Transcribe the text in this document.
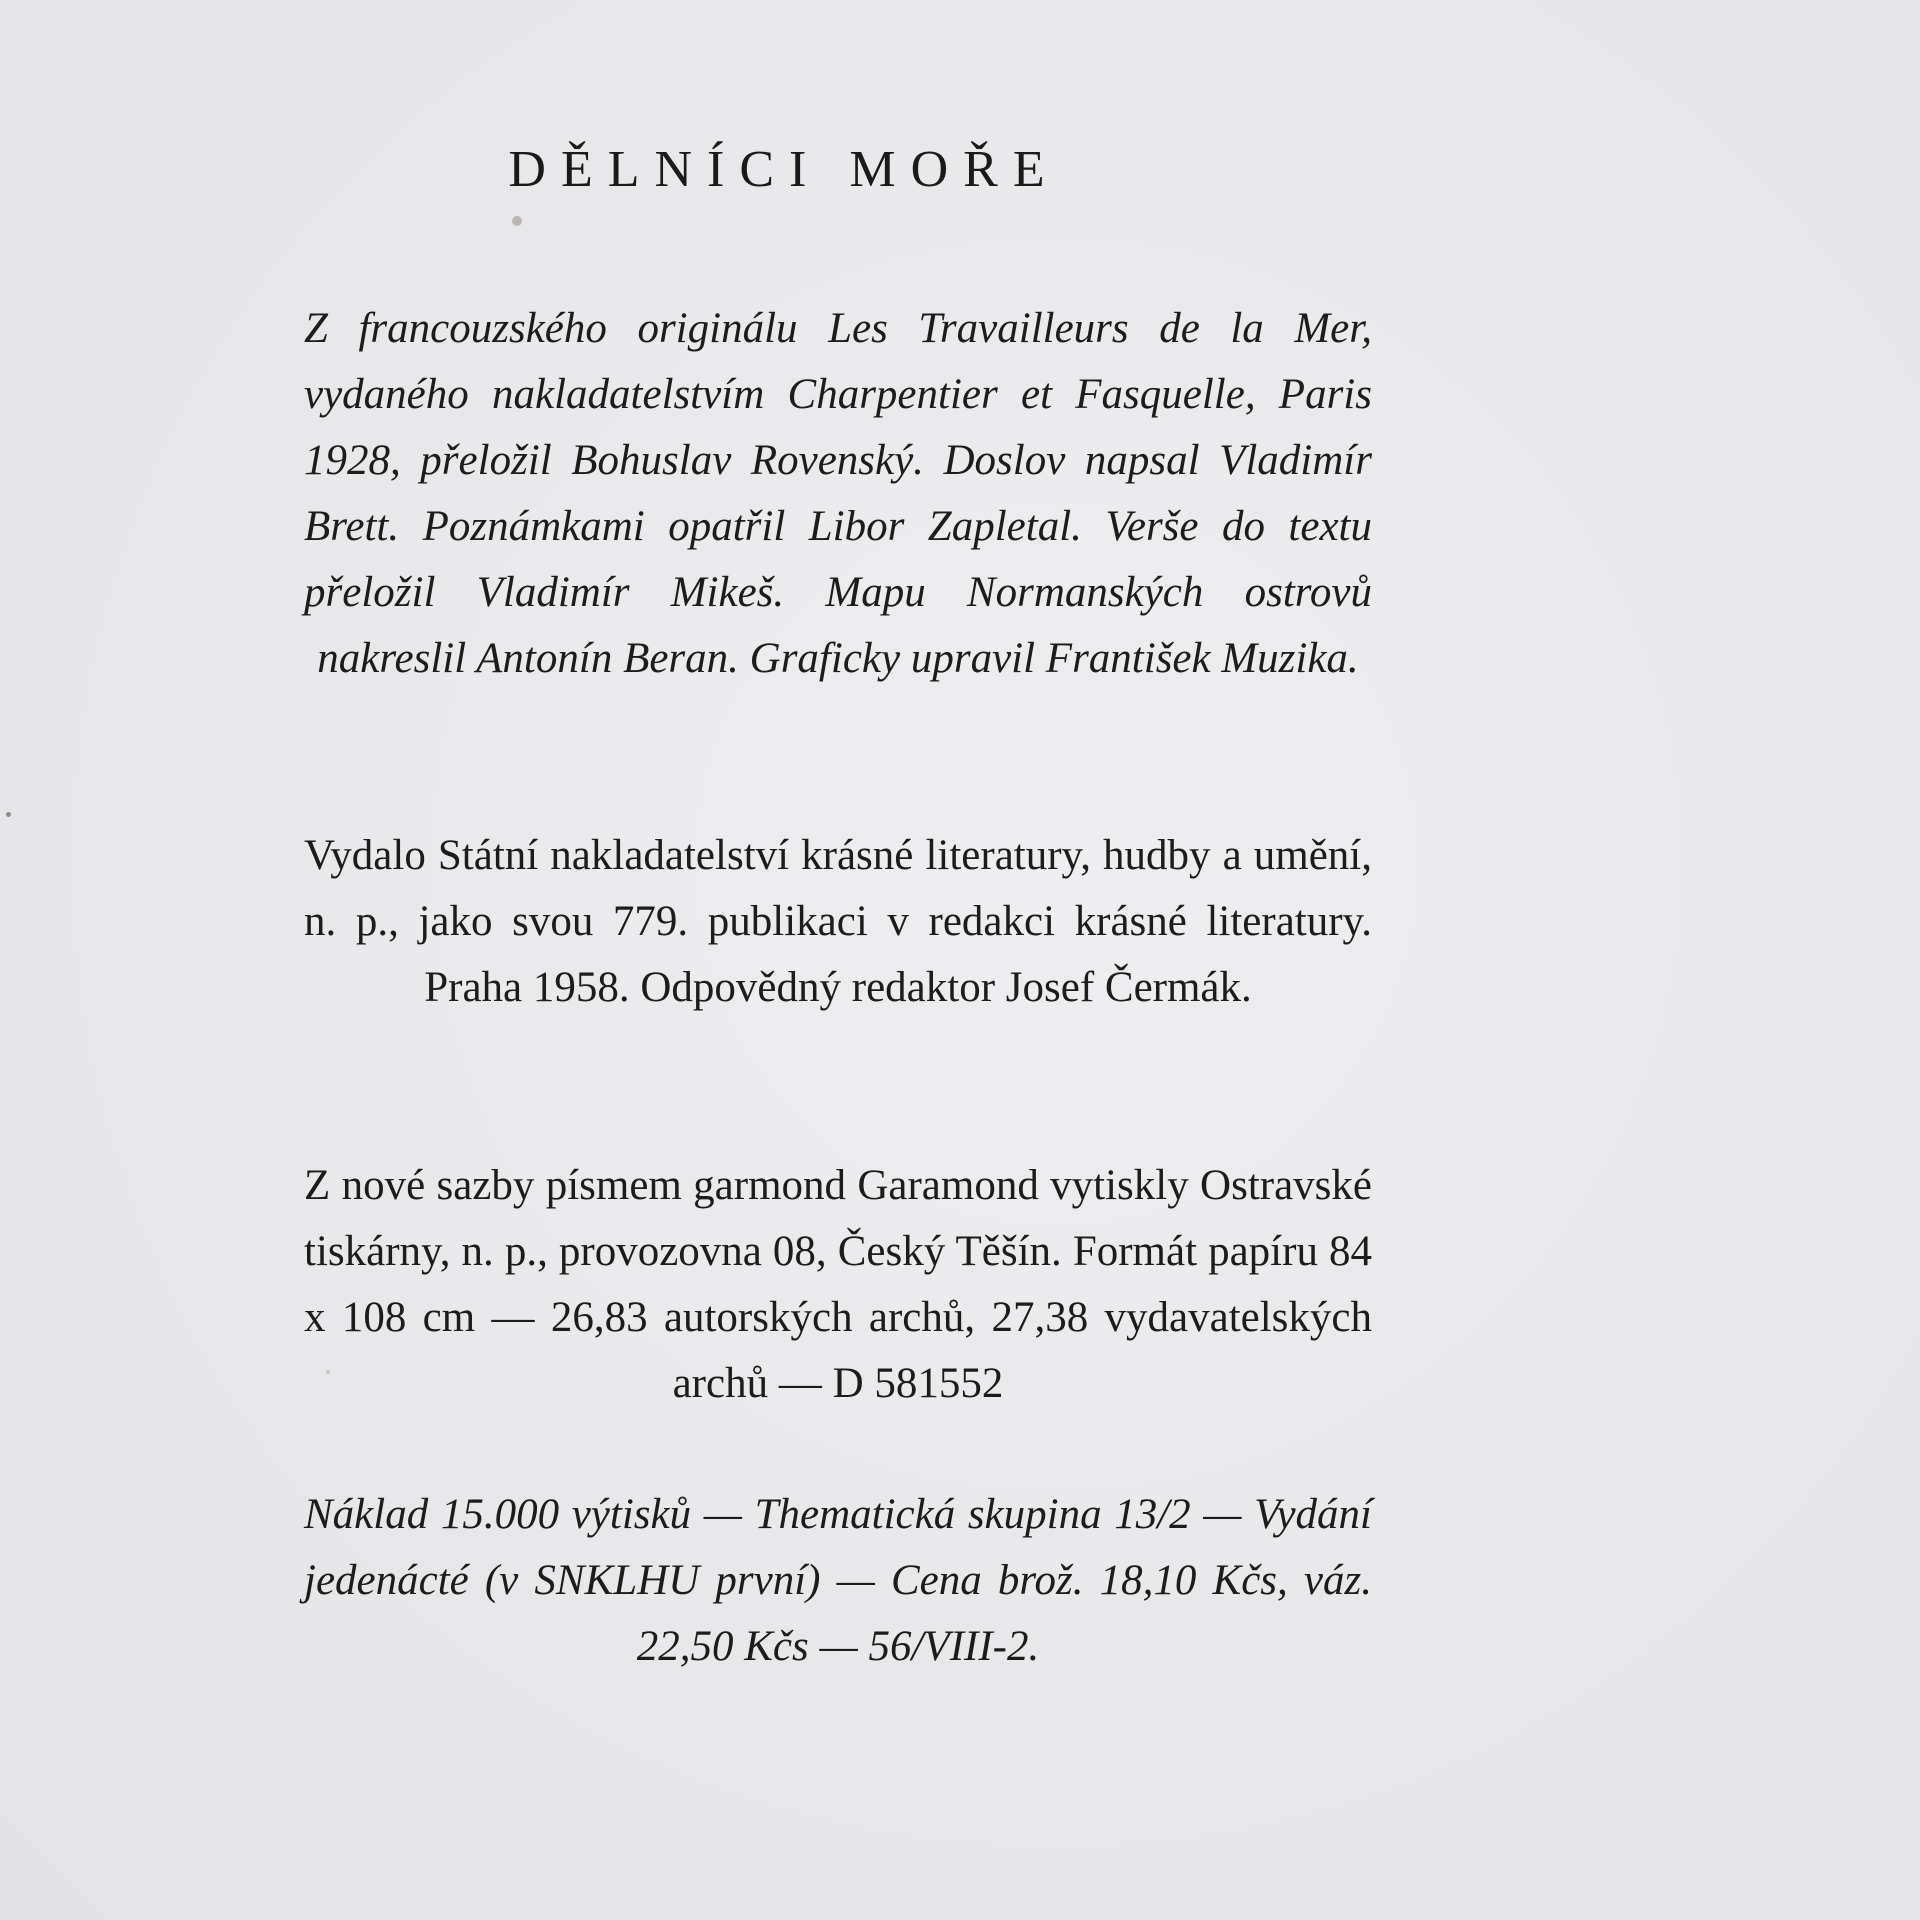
DĚLNÍCI MOŘE

Z francouzského originálu Les Travailleurs de la Mer, vydaného nakladatelstvím Charpentier et Fasquelle, Paris 1928, přeložil Bohuslav Rovenský. Doslov napsal Vladimír Brett. Poznámkami opatřil Libor Zapletal. Verše do textu přeložil Vladimír Mikeš. Mapu Normanských ostrovů nakreslil Antonín Beran. Graficky upravil František Muzika.

Vydalo Státní nakladatelství krásné literatury, hudby a umění, n. p., jako svou 779. publikaci v redakci krásné literatury. Praha 1958. Odpovědný redaktor Josef Čermák.

Z nové sazby písmem garmond Garamond vytiskly Ostravské tiskárny, n. p., provozovna 08, Český Těšín. Formát papíru 84 x 108 cm — 26,83 autorských archů, 27,38 vydavatelských archů — D 581552

Náklad 15.000 výtisků — Thematická skupina 13/2 — Vydání jedenácté (v SNKLHU první) — Cena brož. 18,10 Kčs, váz. 22,50 Kčs — 56/VIII-2.
